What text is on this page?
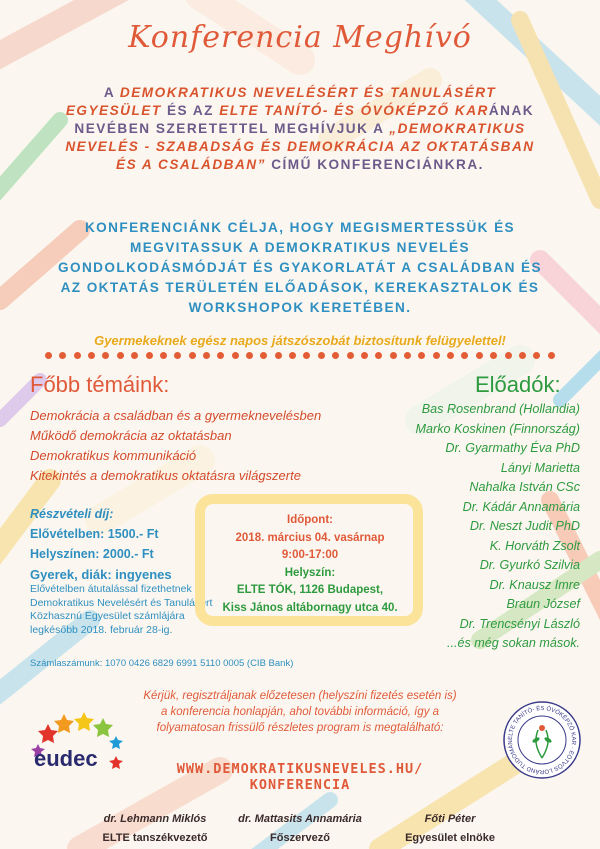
Konferencia Meghívó
A DEMOKRATIKUS NEVELÉSÉRT ÉS TANULÁSÉRT EGYESÜLET ÉS AZ ELTE TANÍTÓ- ÉS ÓVÓKÉPZŐ KARÁNAK NEVÉBEN SZERETETTEL MEGHÍVJUK A „DEMOKRATIKUS NEVELÉS - SZABADSÁG ÉS DEMOKRÁCIA AZ OKTATÁSBAN ÉS A CSALÁDBAN” CÍMŰ KONFERENCIÁNKRA.
KONFERENCIÁNK CÉLJA, HOGY MEGISMERTESSÜK ÉS MEGVITASSUK A DEMOKRATIKUS NEVELÉS GONDOLKODÁSMÓDJÁT ÉS GYAKORLATÁT A CSALÁDBAN ÉS AZ OKTATÁS TERÜLETÉN ELŐADÁSOK, KEREKASZTALOK ÉS WORKSHOPOK KERETÉBEN.
Gyermekeknek egész napos játszószobát biztosítunk felügyelettel!
Főbb témáink:
Demokrácia a családban és a gyermeknevelésben
Működő demokrácia az oktatásban
Demokratikus kommunikáció
Kitekintés a demokratikus oktatásra világszerte
Előadók:
Bas Rosenbrand (Hollandia)
Marko Koskinen (Finnország)
Dr. Gyarmathy Éva PhD
Lányi Marietta
Nahalka István CSc
Dr. Kádár Annamária
Dr. Neszt Judit PhD
K. Horváth Zsolt
Dr. Gyurkó Szilvia
Dr. Knausz Imre
Braun József
Dr. Trencsényi László
...és még sokan mások.
Részvételi díj:
Elővételben: 1500.- Ft
Helyszínen: 2000.- Ft
Gyerek, diák: ingyenes
Elővételben átutalással fizethetnek a Demokratikus Nevelésért és Tanulásért Közhasznú Egyesület számlájára legkésőbb 2018. február 28-ig.
Számlaszámunk: 1070 0426 6829 6991 5110 0005 (CIB Bank)
Időpont:
2018. március 04. vasárnap
9:00-17:00
Helyszín:
ELTE TÓK, 1126 Budapest,
Kiss János altábornagy utca 40.
Kérjük, regisztráljanak előzetesen (helyszíni fizetés esetén is) a konferencia honlapján, ahol további információ, így a folyamatosan frissülő részletes program is megtalálható:
WWW.DEMOKRATIKUSNEVELES.HU/
KONFERENCIA
eudec
ELTE TANÍTÓ- ÉS ÓVÓKÉPZŐ KAR · EÖTVÖS LORÁND TUDOMÁN
dr. Lehmann Miklós
ELTE tanszékvezető
dr. Mattasits Annamária
Főszervező
Főti Péter
Egyesület elnöke
